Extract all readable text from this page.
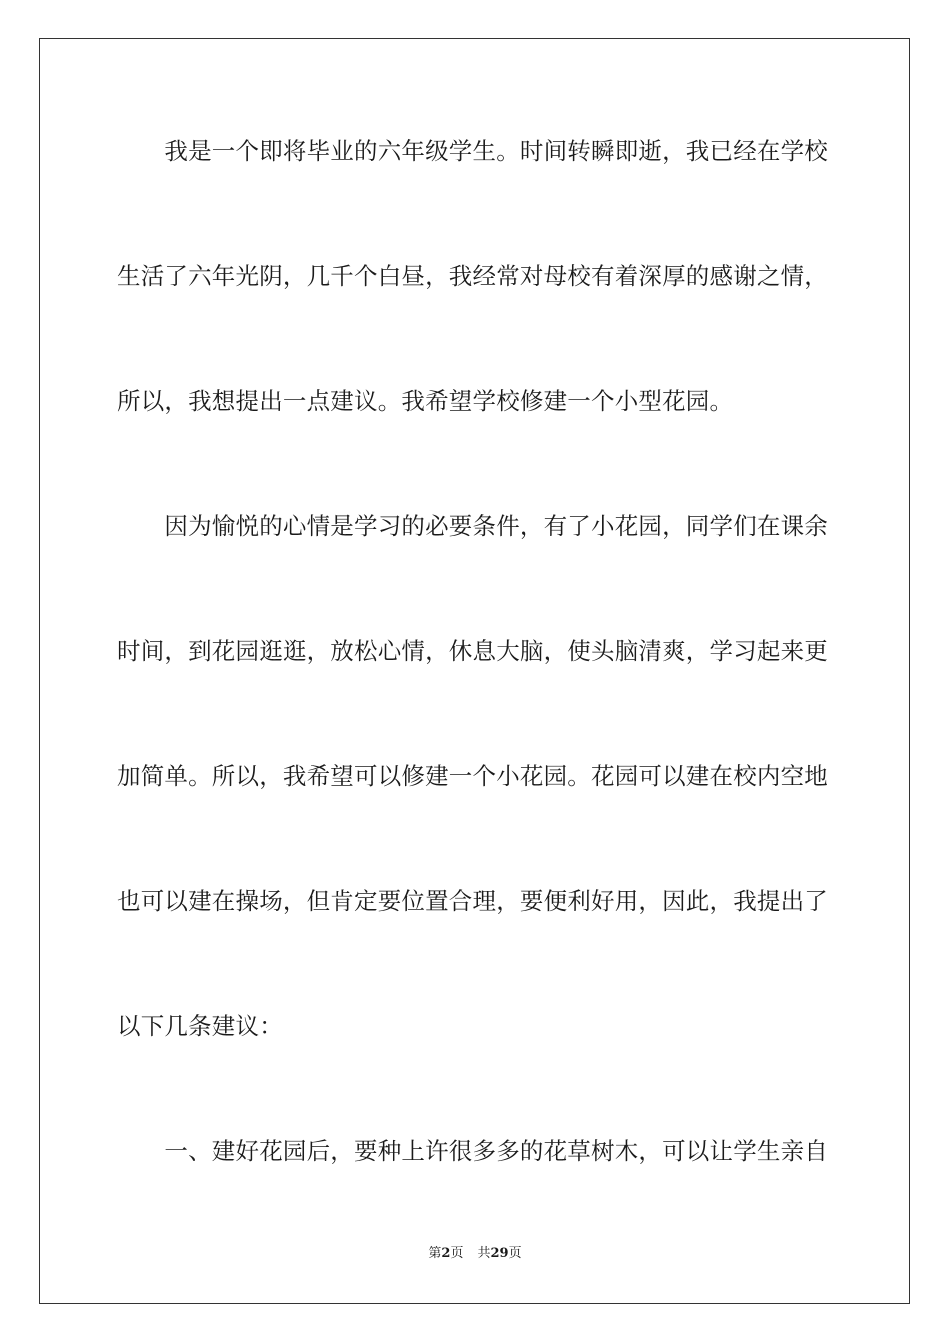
　　我是一个即将毕业的六年级学生。时间转瞬即逝，我已经在学校
生活了六年光阴，几千个白昼，我经常对母校有着深厚的感谢之情，
所以，我想提出一点建议。我希望学校修建一个小型花园。
　　因为愉悦的心情是学习的必要条件，有了小花园，同学们在课余
时间，到花园逛逛，放松心情，休息大脑，使头脑清爽，学习起来更
加简单。所以，我希望可以修建一个小花园。花园可以建在校内空地
也可以建在操场，但肯定要位置合理，要便利好用，因此，我提出了
以下几条建议：
　　一、建好花园后，要种上许很多多的花草树木，可以让学生亲自
第2页 共29页
